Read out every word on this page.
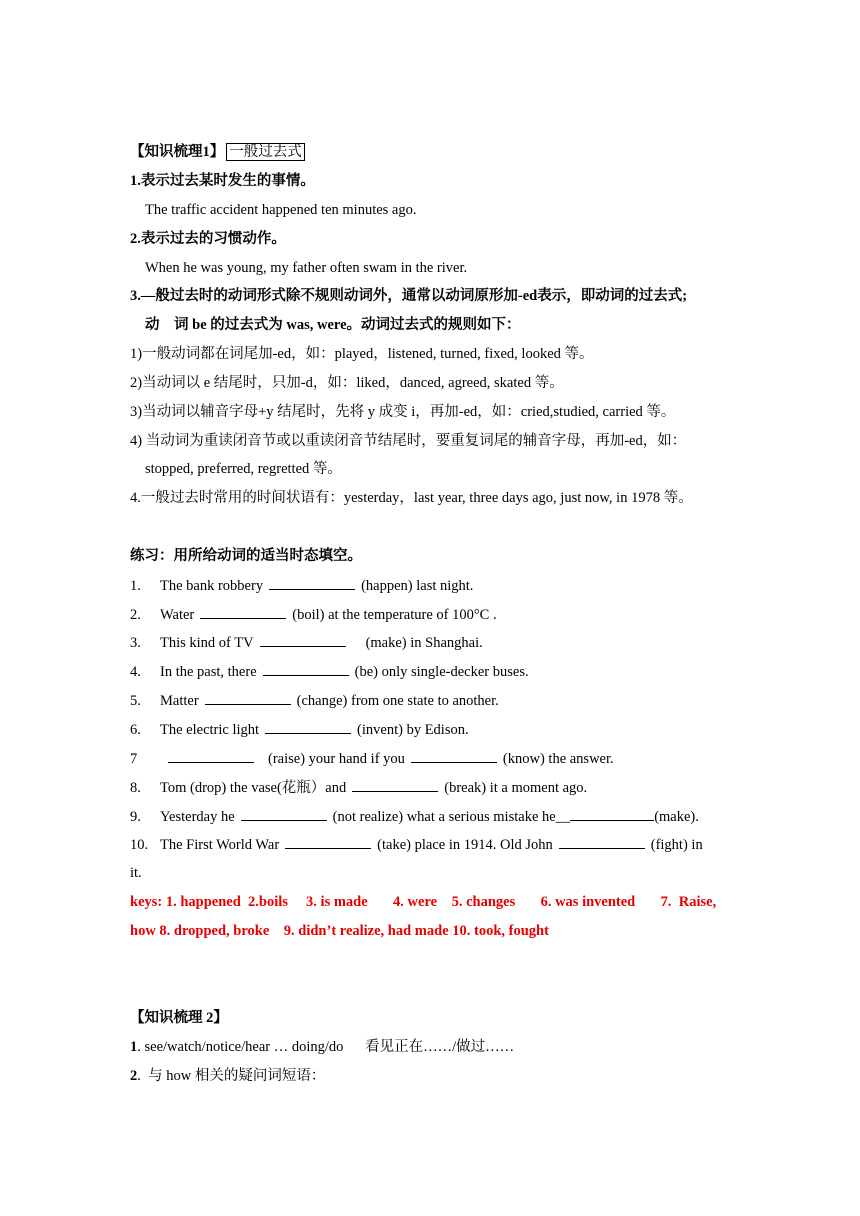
【知识梳理1】 一般过去式
1.表示过去某时发生的事情。
The traffic accident happened ten minutes ago.
2.表示过去的习惯动作。
When he was young, my father often swam in the river.
3.—般过去时的动词形式除不规则动词外，通常以动词原形加-ed表示，即动词的过去式;
动　词 be 的过去式为 was, were。动词过去式的规则如下：
1)一般动词都在词尾加-ed，如：played，listened, turned, fixed, looked 等。
2)当动词以 e 结尾时，只加-d，如：liked，danced, agreed, skated 等。
3)当动词以辅音字母+y 结尾时，先将 y 成变 i，再加-ed，如：cried,studied, carried 等。
4) 当动词为重读闭音节或以重读闭音节结尾时，要重复词尾的辅音字母，再加-ed，如：
stopped, preferred, regretted 等。
4.一般过去时常用的时间状语有：yesterday，last year, three days ago, just now, in 1978 等。
练习：用所给动词的适当时态填空。
1. The bank robbery	(happen) last night.
2. Water	(boil) at the temperature of 100°C .
3. This kind of TV	(make) in Shanghai.
4. In the past, there	(be) only single-decker buses.
5. Matter	(change) from one state to another.
6. The electric light	(invent) by Edison.
7	(raise) your hand if you	(know) the answer.
8. Tom (drop) the vase(花瓶）and	(break) it a moment ago.
9. Yesterday he	(not realize) what a serious mistake he__	(make).
10. The First World War	(take) place in 1914. Old John	(fight) in
it.
keys: 1. happened  2.boils     3. is made       4. were    5. changes       6. was invented       7.  Raise,
how 8. dropped, broke    9. didn’t realize, had made 10. took, fought
【知识梳理 2】
1. see/watch/notice/hear … doing/do      看见正在……/做过……
2.  与 how 相关的疑问词短语：
